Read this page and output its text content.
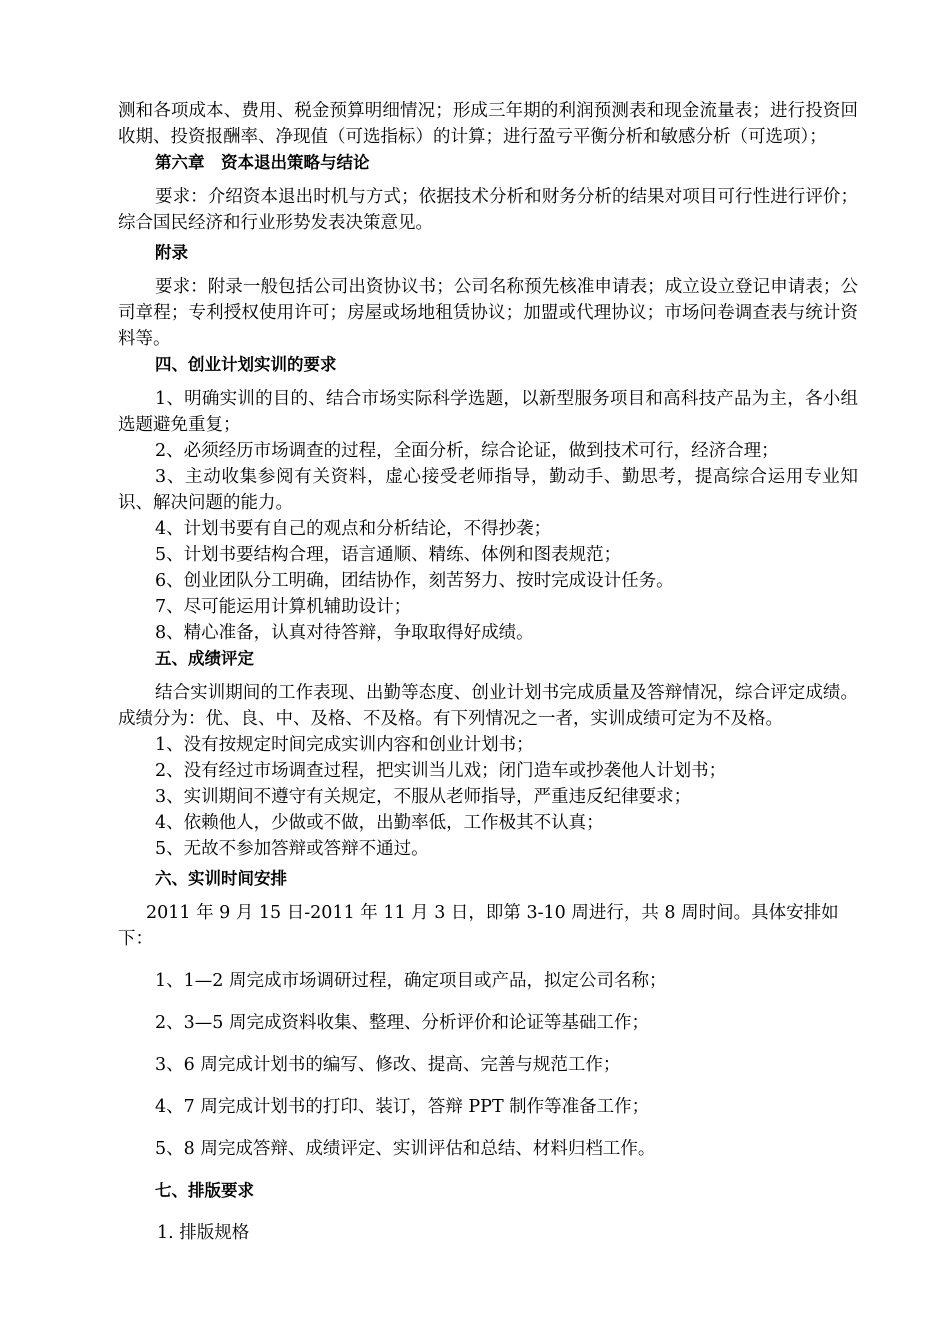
测和各项成本、费用、税金预算明细情况；形成三年期的利润预测表和现金流量表；进行投资回收期、投资报酬率、净现值（可选指标）的计算；进行盈亏平衡分析和敏感分析（可选项）；

第六章　资本退出策略与结论

要求：介绍资本退出时机与方式；依据技术分析和财务分析的结果对项目可行性进行评价；综合国民经济和行业形势发表决策意见。

附录

要求：附录一般包括公司出资协议书；公司名称预先核准申请表；成立设立登记申请表；公司章程；专利授权使用许可；房屋或场地租赁协议；加盟或代理协议；市场问卷调查表与统计资料等。

四、创业计划实训的要求

1、明确实训的目的、结合市场实际科学选题，以新型服务项目和高科技产品为主，各小组选题避免重复；

2、必须经历市场调查的过程，全面分析，综合论证，做到技术可行，经济合理；

3、主动收集参阅有关资料，虚心接受老师指导，勤动手、勤思考，提高综合运用专业知识、解决问题的能力。

4、计划书要有自己的观点和分析结论，不得抄袭；

5、计划书要结构合理，语言通顺、精练、体例和图表规范；

6、创业团队分工明确，团结协作，刻苦努力、按时完成设计任务。

7、尽可能运用计算机辅助设计；

8、精心准备，认真对待答辩，争取取得好成绩。

五、成绩评定

结合实训期间的工作表现、出勤等态度、创业计划书完成质量及答辩情况，综合评定成绩。成绩分为：优、良、中、及格、不及格。有下列情况之一者，实训成绩可定为不及格。

1、没有按规定时间完成实训内容和创业计划书；

2、没有经过市场调查过程，把实训当儿戏；闭门造车或抄袭他人计划书；

3、实训期间不遵守有关规定，不服从老师指导，严重违反纪律要求；

4、依赖他人，少做或不做，出勤率低，工作极其不认真；

5、无故不参加答辩或答辩不通过。

六、实训时间安排

2011 年 9 月 15 日-2011 年 11 月 3 日，即第 3-10 周进行，共 8 周时间。具体安排如下：

1、1—2 周完成市场调研过程，确定项目或产品，拟定公司名称；

2、3—5 周完成资料收集、整理、分析评价和论证等基础工作；

3、6 周完成计划书的编写、修改、提高、完善与规范工作；

4、7 周完成计划书的打印、装订，答辩 PPT 制作等准备工作；

5、8 周完成答辩、成绩评定、实训评估和总结、材料归档工作。

七、排版要求

1. 排版规格
